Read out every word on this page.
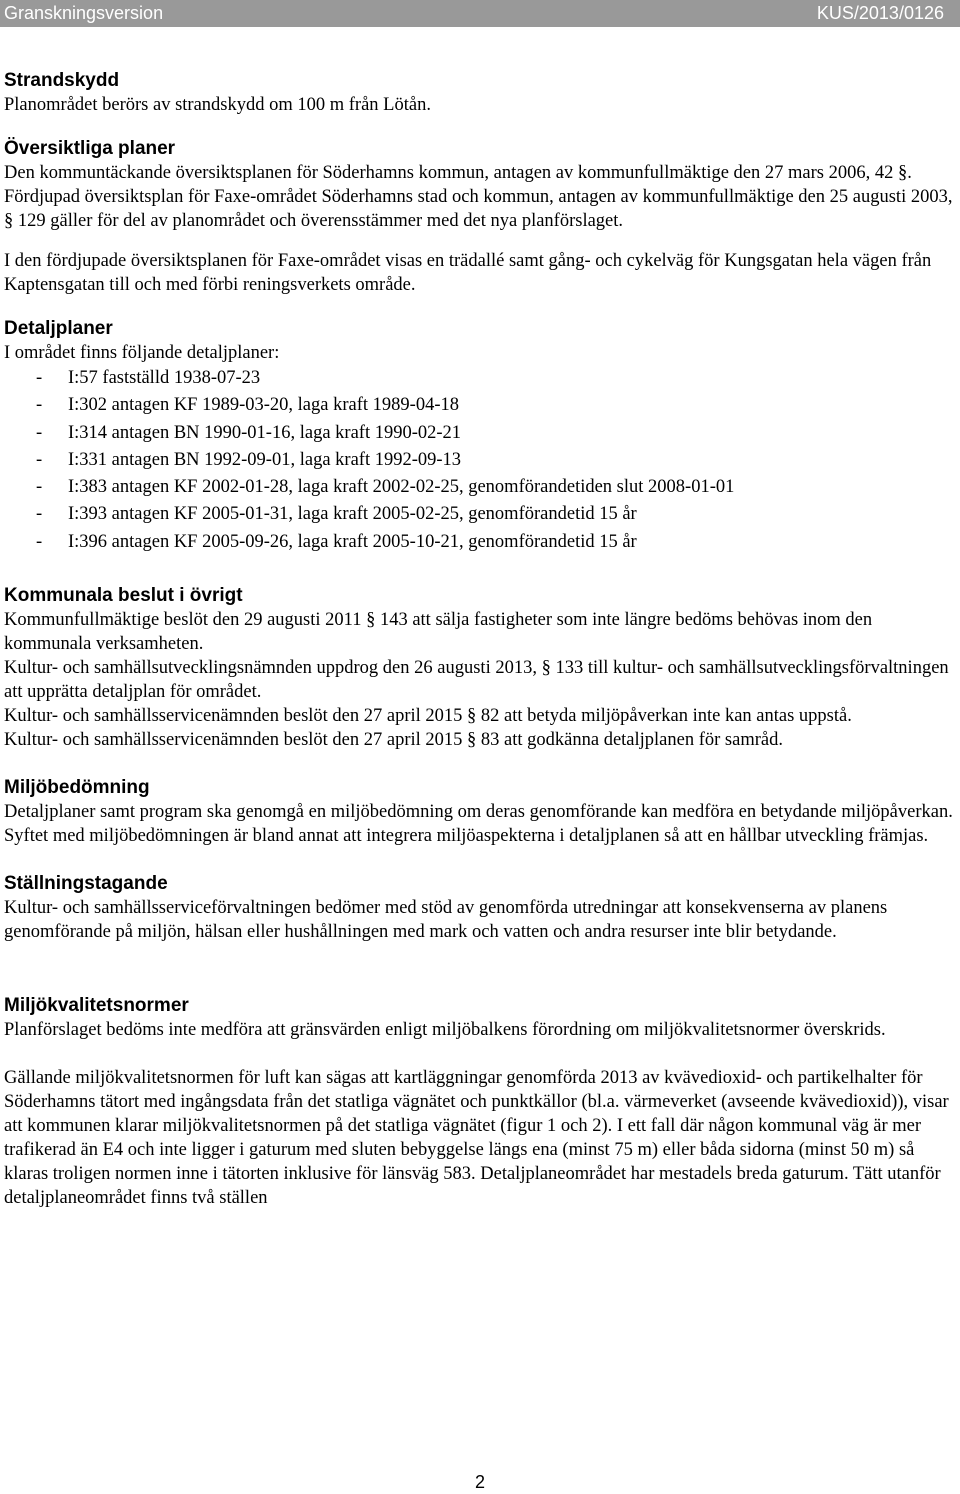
Granskningsversion	KUS/2013/0126
Strandskydd

Planområdet berörs av strandskydd om 100 m från Lötån.

Översiktliga planer

Den kommuntäckande översiktsplanen för Söderhamns kommun, antagen av kommunfullmäktige den 27 mars 2006, 42 §.

Fördjupad översiktsplan för Faxe-området Söderhamns stad och kommun, antagen av kommunfullmäktige den 25 augusti 2003, § 129 gäller för del av planområdet och överensstämmer med det nya planförslaget.

I den fördjupade översiktsplanen för Faxe-området visas en trädallé samt gång- och cykelväg för Kungsgatan hela vägen från Kaptensgatan till och med förbi reningsverkets område.

Detaljplaner

I området finns följande detaljplaner:

- I:57 fastställd 1938-07-23
- I:302 antagen KF 1989-03-20, laga kraft 1989-04-18
- I:314 antagen BN 1990-01-16, laga kraft 1990-02-21
- I:331 antagen BN 1992-09-01, laga kraft 1992-09-13
- I:383 antagen KF 2002-01-28, laga kraft 2002-02-25, genomförandetiden slut 2008-01-01
- I:393 antagen KF 2005-01-31, laga kraft 2005-02-25, genomförandetid 15 år
- I:396 antagen KF 2005-09-26, laga kraft 2005-10-21, genomförandetid 15 år
Kommunala beslut i övrigt

Kommunfullmäktige beslöt den 29 augusti 2011 § 143 att sälja fastigheter som inte längre bedöms behövas inom den kommunala verksamheten.

Kultur- och samhällsutvecklingsnämnden uppdrog den 26 augusti 2013, § 133 till kultur- och samhällsutvecklingsförvaltningen att upprätta detaljplan för området.

Kultur- och samhällsservicenämnden beslöt den 27 april 2015 § 82 att betyda miljöpåverkan inte kan antas uppstå.

Kultur- och samhällsservicenämnden beslöt den 27 april 2015 § 83 att godkänna detaljplanen för samråd.

Miljöbedömning

Detaljplaner samt program ska genomgå en miljöbedömning om deras genomförande kan medföra en betydande miljöpåverkan. Syftet med miljöbedömningen är bland annat att integrera miljöaspekterna i detaljplanen så att en hållbar utveckling främjas.

Ställningstagande

Kultur- och samhällsserviceförvaltningen bedömer med stöd av genomförda utredningar att konsekvenserna av planens genomförande på miljön, hälsan eller hushållningen med mark och vatten och andra resurser inte blir betydande.

Miljökvalitetsnormer

Planförslaget bedöms inte medföra att gränsvärden enligt miljöbalkens förordning om miljökvalitetsnormer överskrids.

Gällande miljökvalitetsnormen för luft kan sägas att kartläggningar genomförda 2013 av kvävedioxid- och partikelhalter för Söderhamns tätort med ingångsdata från det statliga vägnätet och punktkällor (bl.a. värmeverket (avseende kvävedioxid)), visar att kommunen klarar miljökvalitetsnormen på det statliga vägnätet (figur 1 och 2). I ett fall där någon kommunal väg är mer trafikerad än E4 och inte ligger i gaturum med sluten bebyggelse längs ena (minst 75 m) eller båda sidorna (minst 50 m) så klaras troligen normen inne i tätorten inklusive för länsväg 583. Detaljplaneområdet har mestadels breda gaturum. Tätt utanför detaljplaneområdet finns två ställen

2
